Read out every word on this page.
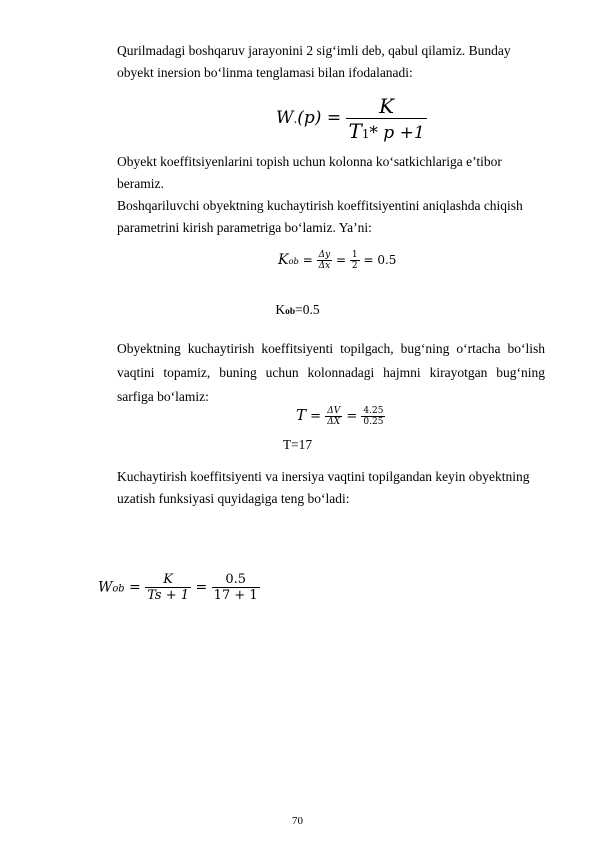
Qurilmadagi boshqaruv jarayonini 2 sig‘imli deb, qabul qilamiz. Bunday

obyekt inersion bo‘linma tenglamasi bilan ifodalanadi:

$W.(p) = \frac{K}{T1* p +1}$

Obyekt koeffitsiyenlarini topish uchun kolonna ko‘satkichlariga e’tibor

beramiz.

Boshqariluvchi obyektning kuchaytirish koeffitsiyentini aniqlashda chiqish

parametrini kirish parametriga bo‘lamiz. Ya’ni:

Kob = $\frac{\Delta y}{\Delta x} = \frac{1}{2} = 0.5$
Kob=0.5

Obyektning kuchaytirish koeffitsiyenti topilgach, bug‘ning o‘rtacha bo‘lish

vaqtini topamiz, buning uchun kolonnadagi hajmni kirayotgan bug‘ning

sarfiga bo‘lamiz:

$T = \frac{\Delta V}{\Delta X} = \frac{4.25}{0.25}$
T=17

Kuchaytirish koeffitsiyenti va inersiya vaqtini topilgandan keyin obyektning

uzatish funksiyasi quyidagiga teng bo‘ladi:

Wob = $\frac{K}{Ts + 1} = \frac{0.5}{17 + 1}$
70
